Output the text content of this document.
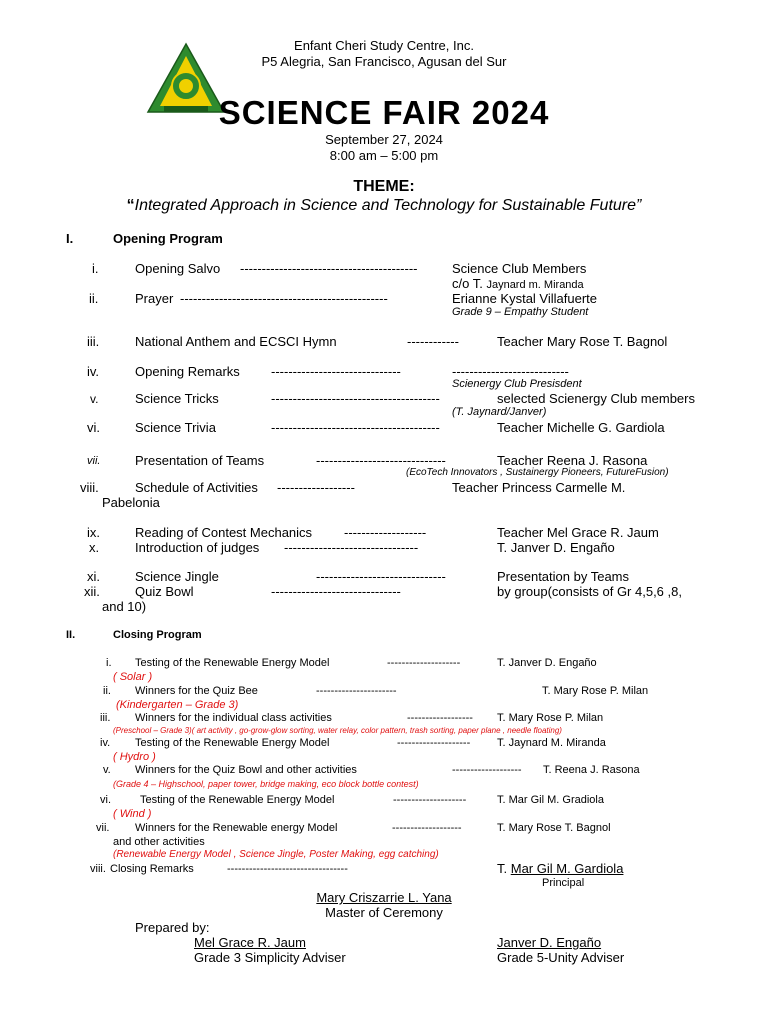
Enfant Cheri Study Centre, Inc.
P5 Alegria, San Francisco, Agusan del Sur
SCIENCE FAIR 2024
September 27, 2024
8:00 am – 5:00 pm
THEME:
“Integrated Approach in Science and Technology for Sustainable Future”
I.	Opening Program
i.	Opening Salvo -----------------------------------------	Science Club Members
c/o T. Jaynard m. Miranda
ii.	Prayer ------------------------------------------------	Erianne Kystal Villafuerte
Grade 9 – Empathy Student
iii.	National Anthem and ECSCI Hymn	------------	Teacher Mary Rose T. Bagnol
iv.	Opening Remarks ------------------------------	---------------------------
Scienergy Club Presisdent
v.	Science Tricks	---------------------------------------	selected Scienergy Club members
(T. Jaynard/Janver)
vi.	Science Trivia	---------------------------------------	Teacher Michelle G. Gardiola
vii.	Presentation of Teams	------------------------------	Teacher Reena J. Rasona
(EcoTech Innovators , Sustainergy Pioneers, FutureFusion)
viii.	Schedule of Activities ------------------	Teacher Princess Carmelle M.
Pabelonia
ix.	Reading of Contest Mechanics -------------------	Teacher Mel Grace R. Jaum
x.	Introduction of judges -------------------------------	T. Janver D. Engaño
xi.	Science Jingle	------------------------------	Presentation by Teams
xii.	Quiz Bowl	------------------------------	by group(consists of Gr 4,5,6 ,8,
and 10)
II.	Closing Program
i. Testing of the Renewable Energy Model	--------------------	T. Janver D. Engaño
( Solar )
ii. Winners for the Quiz Bee	----------------------	T. Mary Rose P. Milan
(Kindergarten – Grade 3)
iii. Winners for the individual class activities	------------------ T. Mary Rose P. Milan
(Preschool – Grade 3)( art activity , go-grow-glow sorting, water relay, color pattern, trash sorting, paper plane , needle floating)
iv. Testing of the Renewable Energy Model	-------------------- T. Jaynard M. Miranda
( Hydro )
v. Winners for the Quiz Bowl and other activities	------------------- T. Reena J. Rasona
(Grade 4 – Highschool, paper tower, bridge making, eco block bottle contest)
vi.	Testing of the Renewable Energy Model	--------------------	T. Mar Gil M. Gradiola
( Wind )
vii. Winners for the Renewable energy Model	-------------------	T. Mary Rose T. Bagnol
and other activities
(Renewable Energy Model , Science Jingle, Poster Making, egg catching)
viii. Closing Remarks	---------------------------------	T. Mar Gil M. Gardiola
Principal
Mary Criszarrie L. Yana
Master of Ceremony
Prepared by:
Mel Grace R. Jaum
Grade 3 Simplicity Adviser
Janver D. Engaño
Grade 5-Unity Adviser
